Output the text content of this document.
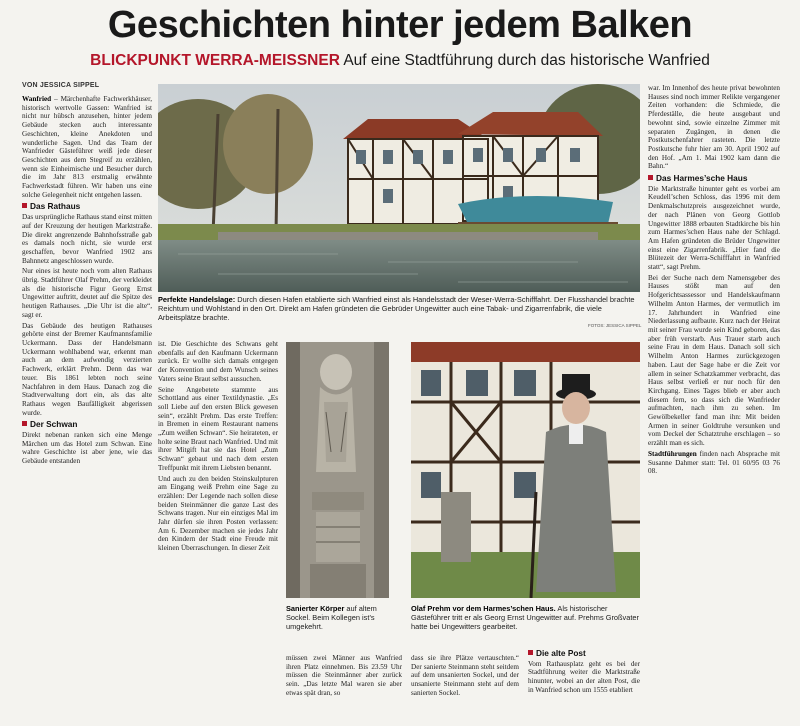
Geschichten hinter jedem Balken
BLICKPUNKT WERRA-MEISSNER Auf eine Stadtführung durch das historische Wanfried
VON JESSICA SIPPEL

Wanfried – Märchenhafte Fachwerkhäuser, historisch wertvolle Gassen: Wanfried ist nicht nur hübsch anzusehen, hinter jedem Gebäude stecken auch interessante Geschichten, kleine Anekdoten und wunderliche Sagen. Und das Team der Wanfrieder Gästeführer weiß jede dieser Geschichten aus dem Stegreif zu erzählen, wenn sie Einheimische und Besucher durch die im Jahr 813 erstmalig erwähnte Fachwerkstadt führen. Wir haben uns eine solche Gelegenheit nicht entgehen lassen.

Das Rathaus

Das ursprüngliche Rathaus stand einst mitten auf der Kreuzung der heutigen Marktstraße. Die direkt angrenzende Bahnhofsstraße gab es damals noch nicht, sie wurde erst geschaffen, bevor Wanfried 1902 ans Bahnnetz angeschlossen wurde.

Nur eines ist heute noch vom alten Rathaus übrig. Stadtführer Olaf Prehm, der verkleidet als die historische Figur Georg Ernst Ungewitter auftritt, deutet auf die Spitze des heutigen Rathauses. „Die Uhr ist die alte“, sagt er.

Das Gebäude des heutigen Rathauses gehörte einst der Bremer Kaufmannsfamilie Uckermann. Dass der Handelsmann Uckermann wohlhabend war, erkennt man auch an dem aufwendig verzierten Fachwerk, erklärt Prehm. Denn das war teuer. Bis 1861 lebten noch seine Nachfahren in dem Haus. Danach zog die Stadtverwaltung dort ein, als das alte Rathaus wegen Baufälligkeit abgerissen wurde.

Der Schwan

Direkt nebenan ranken sich eine Menge Märchen um das Hotel zum Schwan. Eine wahre Geschichte ist aber jene, wie das Gebäude entstanden

Perfekte Handelslage: Durch diesen Hafen etablierte sich Wanfried einst als Handelsstadt der Weser-Werra-Schifffahrt. Der Flusshandel brachte Reichtum und Wohlstand in den Ort. Direkt am Hafen gründeten die Gebrüder Ungewitter auch eine Tabak- und Zigarrenfabrik, die viele Arbeitsplätze brachte.
FOTOS: JESSICA SIPPEL

ist. Die Geschichte des Schwans geht ebenfalls auf den Kaufmann Uckermann zurück. Er wollte sich damals entgegen der Konvention und dem Wunsch seines Vaters seine Braut selbst aussuchen.

Seine Angebetete stammte aus Schottland aus einer Textildynastie. „Es soll Liebe auf den ersten Blick gewesen sein“, erzählt Prehm. Das erste Treffen: in Bremen in einem Restaurant namens „Zum weißen Schwan“. Sie heirateten, er holte seine Braut nach Wanfried. Und mit ihrer Mitgift hat sie das Hotel „Zum Schwan“ gebaut und nach dem ersten Treffpunkt mit ihrem Liebsten benannt.

Und auch zu den beiden Steinskulpturen am Eingang weiß Prehm eine Sage zu erzählen: Der Legende nach sollen diese beiden Steinmänner die ganze Last des Schwans tragen. Nur ein einziges Mal im Jahr dürfen sie ihren Posten verlassen: Am 6. Dezember machen sie jedes Jahr den Kindern der Stadt eine Freude mit kleinen Überraschungen. In dieser Zeit

Sanierter Körper auf altem Sockel. Beim Kollegen ist’s umgekehrt.
Olaf Prehm vor dem Harmes’schen Haus. Als historischer Gästeführer tritt er als Georg Ernst Ungewitter auf. Prehms Großvater hatte bei Ungewitters gearbeitet.

müssen zwei Männer aus Wanfried ihren Platz einnehmen. Bis 23.59 Uhr müssen die Steinmänner aber zurück sein. „Das letzte Mal waren sie aber etwas spät dran, so

dass sie ihre Plätze vertauschten.“ Der sanierte Steinmann steht seitdem auf dem unsanierten Sockel, und der unsanierte Steinmann steht auf dem sanierten Sockel.

Die alte Post

Vom Rathausplatz geht es bei der Stadtführung weiter die Marktstraße hinunter, wobei an der alten Post, die in Wanfried schon um 1555 etabliert

war. Im Innenhof des heute privat bewohnten Hauses sind noch immer Relikte vergangener Zeiten vorhanden: die Schmiede, die Pferdeställe, die heute ausgebaut und bewohnt sind, sowie einzelne Zimmer mit separaten Zugängen, in denen die Postkutschenfahrer rasteten. Die letzte Postkutsche fuhr hier am 30. April 1902 auf den Hof. „Am 1. Mai 1902 kam dann die Bahn.“

Das Harmes’sche Haus

Die Marktstraße hinunter geht es vorbei am Keudell’schen Schloss, das 1996 mit dem Denkmalschutzpreis ausgezeichnet wurde, der nach Plänen von Georg Gottlob Ungewitter 1888 erbauten Stadtkirche bis hin zum Harmes’schen Haus nahe der Schlagd. Am Hafen gründeten die Brüder Ungewitter einst eine Zigarrenfabrik. „Hier fand die Blütezeit der Werra-Schifffahrt in Wanfried statt“, sagt Prehm.

Bei der Suche nach dem Namensgeber des Hauses stößt man auf den Hofgerichtsassessor und Handelskaufmann Wilhelm Anton Harmes, der vermutlich im 17. Jahrhundert in Wanfried eine Niederlassung aufbaute. Kurz nach der Heirat mit seiner Frau wurde sein Kind geboren, das aber früh verstarb. Aus Trauer starb auch seine Frau in dem Haus. Danach soll sich Wilhelm Anton Harmes zurückgezogen haben. Laut der Sage habe er die Zeit vor allem in seiner Schatzkammer verbracht, das Haus selbst verließ er nur noch für den Kirchgang. Eines Tages blieb er aber auch diesem fern, so dass sich die Wanfrieder aufmachten, nach ihm zu sehen. Im Gewölbekeller fand man ihn: Mit beiden Armen in seiner Goldtruhe versunken und vom Deckel der Schatztruhe erschlagen – so erzählt man es sich.

Stadtführungen finden nach Absprache mit Susanne Dahmer statt: Tel. 01 60/95 03 76 08.
